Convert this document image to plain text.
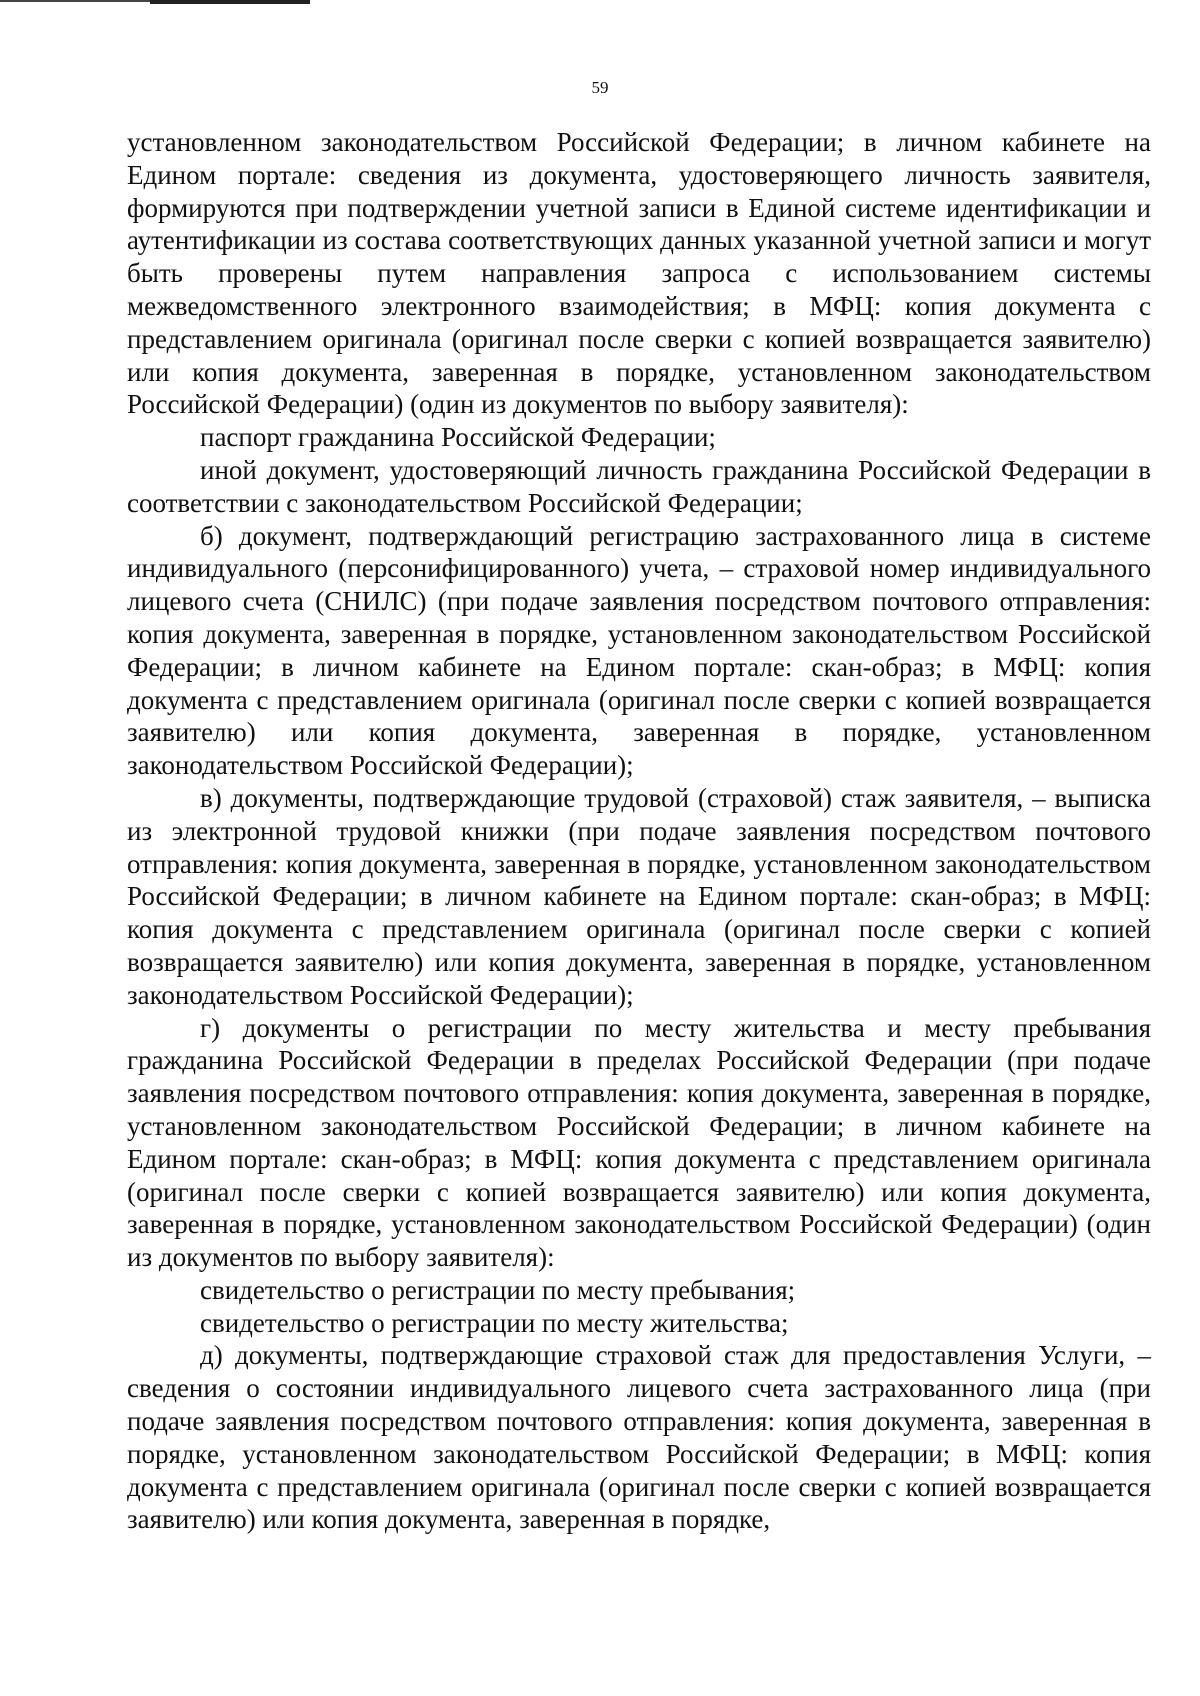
59

установленном законодательством Российской Федерации; в личном кабинете на Едином портале: сведения из документа, удостоверяющего личность заявителя, формируются при подтверждении учетной записи в Единой системе идентификации и аутентификации из состава соответствующих данных указанной учетной записи и могут быть проверены путем направления запроса с использованием системы межведомственного электронного взаимодействия; в МФЦ: копия документа с представлением оригинала (оригинал после сверки с копией возвращается заявителю) или копия документа, заверенная в порядке, установленном законодательством Российской Федерации) (один из документов по выбору заявителя):

паспорт гражданина Российской Федерации;

иной документ, удостоверяющий личность гражданина Российской Федерации в соответствии с законодательством Российской Федерации;

б) документ, подтверждающий регистрацию застрахованного лица в системе индивидуального (персонифицированного) учета, – страховой номер индивидуального лицевого счета (СНИЛС) (при подаче заявления посредством почтового отправления: копия документа, заверенная в порядке, установленном законодательством Российской Федерации; в личном кабинете на Едином портале: скан-образ; в МФЦ: копия документа с представлением оригинала (оригинал после сверки с копией возвращается заявителю) или копия документа, заверенная в порядке, установленном законодательством Российской Федерации);

в) документы, подтверждающие трудовой (страховой) стаж заявителя, – выписка из электронной трудовой книжки (при подаче заявления посредством почтового отправления: копия документа, заверенная в порядке, установленном законодательством Российской Федерации; в личном кабинете на Едином портале: скан-образ; в МФЦ: копия документа с представлением оригинала (оригинал после сверки с копией возвращается заявителю) или копия документа, заверенная в порядке, установленном законодательством Российской Федерации);

г) документы о регистрации по месту жительства и месту пребывания гражданина Российской Федерации в пределах Российской Федерации (при подаче заявления посредством почтового отправления: копия документа, заверенная в порядке, установленном законодательством Российской Федерации; в личном кабинете на Едином портале: скан-образ; в МФЦ: копия документа с представлением оригинала (оригинал после сверки с копией возвращается заявителю) или копия документа, заверенная в порядке, установленном законодательством Российской Федерации) (один из документов по выбору заявителя):

свидетельство о регистрации по месту пребывания;

свидетельство о регистрации по месту жительства;

д) документы, подтверждающие страховой стаж для предоставления Услуги, – сведения о состоянии индивидуального лицевого счета застрахованного лица (при подаче заявления посредством почтового отправления: копия документа, заверенная в порядке, установленном законодательством Российской Федерации; в МФЦ: копия документа с представлением оригинала (оригинал после сверки с копией возвращается заявителю) или копия документа, заверенная в порядке,
